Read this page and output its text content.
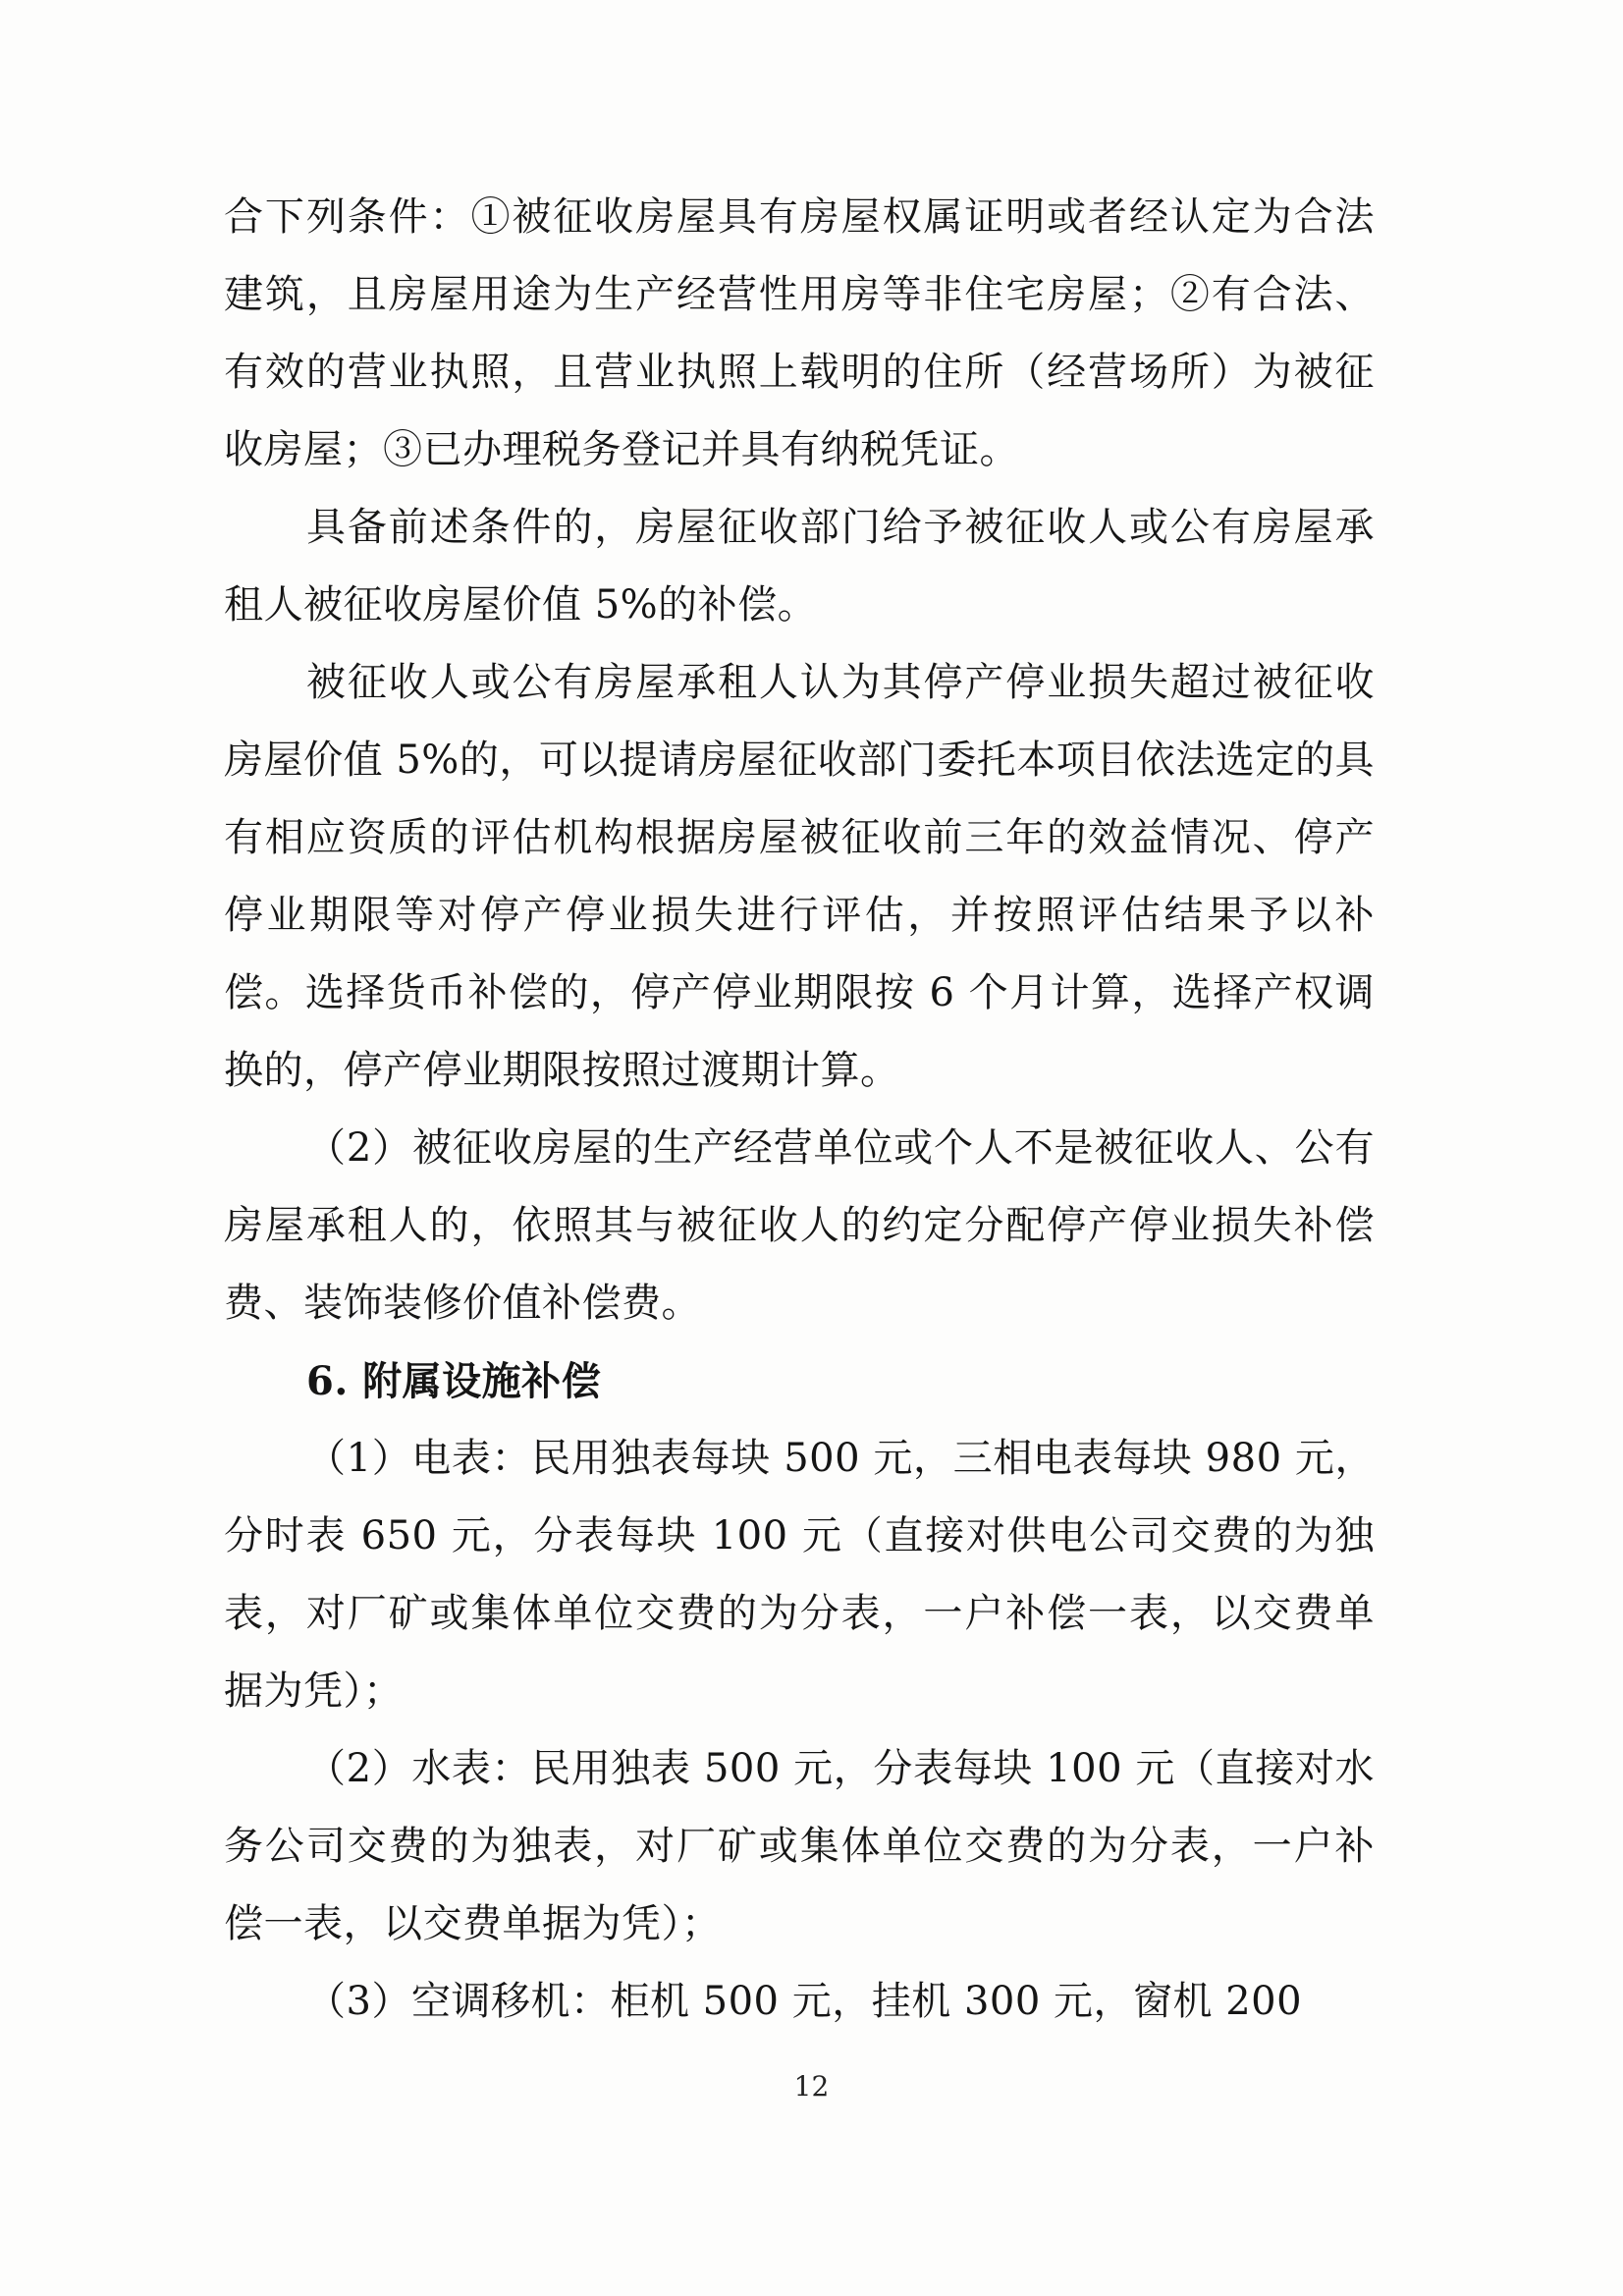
合下列条件：①被征收房屋具有房屋权属证明或者经认定为合法建筑，且房屋用途为生产经营性用房等非住宅房屋；②有合法、有效的营业执照，且营业执照上载明的住所（经营场所）为被征收房屋；③已办理税务登记并具有纳税凭证。

具备前述条件的，房屋征收部门给予被征收人或公有房屋承租人被征收房屋价值 5%的补偿。

被征收人或公有房屋承租人认为其停产停业损失超过被征收房屋价值 5%的，可以提请房屋征收部门委托本项目依法选定的具有相应资质的评估机构根据房屋被征收前三年的效益情况、停产停业期限等对停产停业损失进行评估，并按照评估结果予以补偿。选择货币补偿的，停产停业期限按 6 个月计算，选择产权调换的，停产停业期限按照过渡期计算。

（2）被征收房屋的生产经营单位或个人不是被征收人、公有房屋承租人的，依照其与被征收人的约定分配停产停业损失补偿费、装饰装修价值补偿费。

6. 附属设施补偿

（1）电表：民用独表每块 500 元，三相电表每块 980 元，分时表 650 元，分表每块 100 元（直接对供电公司交费的为独表，对厂矿或集体单位交费的为分表，一户补偿一表，以交费单据为凭）；

（2）水表：民用独表 500 元，分表每块 100 元（直接对水务公司交费的为独表，对厂矿或集体单位交费的为分表，一户补偿一表，以交费单据为凭）；

（3）空调移机：柜机 500 元，挂机 300 元，窗机 200

12
